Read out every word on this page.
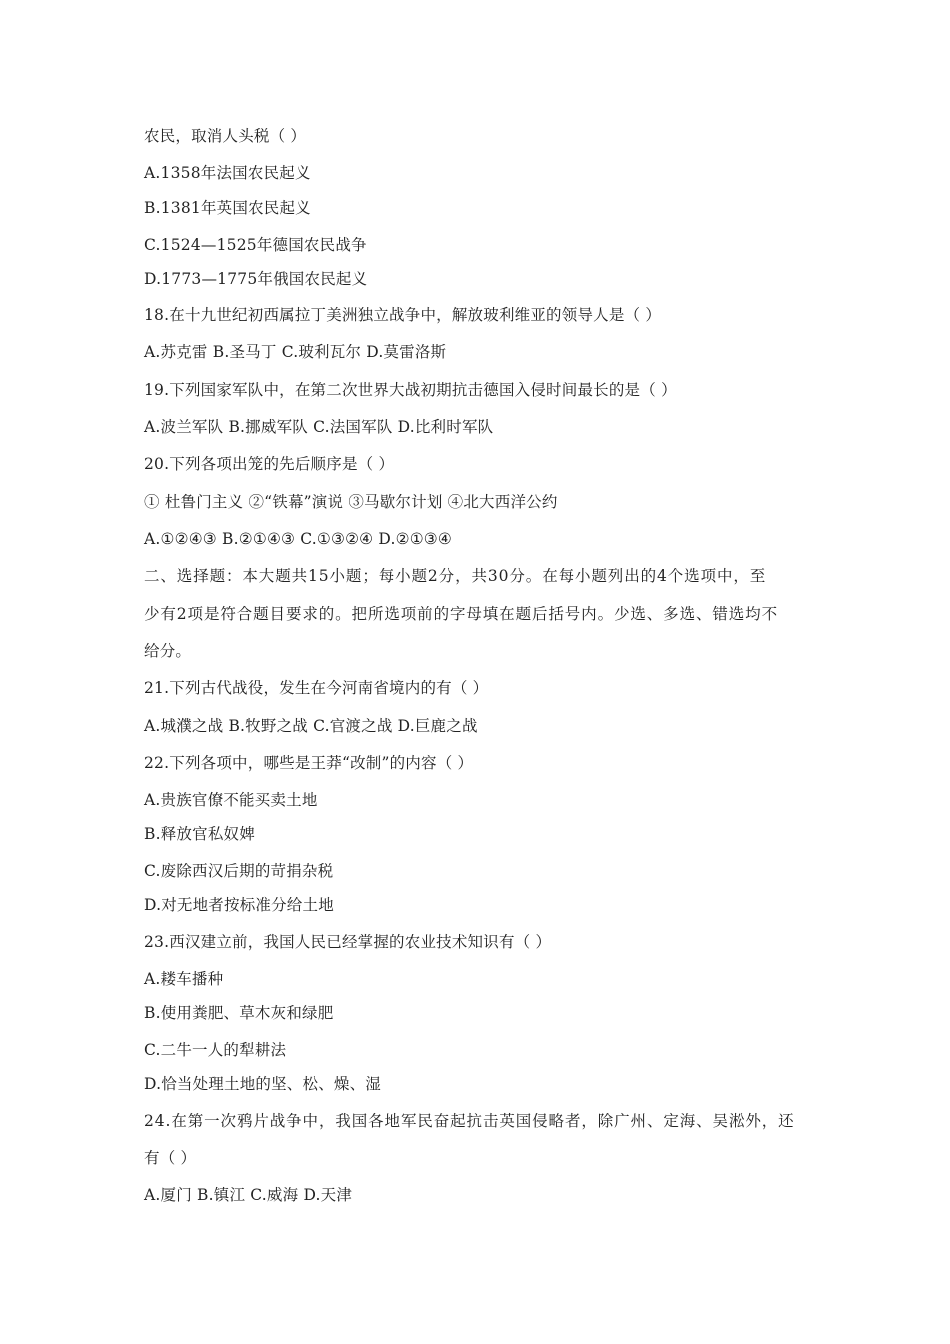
农民，取消人头税（ ）
A.1358年法国农民起义
B.1381年英国农民起义
C.1524—1525年德国农民战争
D.1773—1775年俄国农民起义
18.在十九世纪初西属拉丁美洲独立战争中，解放玻利维亚的领导人是（ ）
A.苏克雷 B.圣马丁 C.玻利瓦尔 D.莫雷洛斯
19.下列国家军队中，在第二次世界大战初期抗击德国入侵时间最长的是（ ）
A.波兰军队 B.挪威军队 C.法国军队 D.比利时军队
20.下列各项出笼的先后顺序是（ ）
① 杜鲁门主义 ②“铁幕”演说 ③马歇尔计划 ④北大西洋公约
A.①②④③ B.②①④③ C.①③②④ D.②①③④
二、选择题：本大题共15小题；每小题2分，共30分。在每小题列出的4个选项中，至
少有2项是符合题目要求的。把所选项前的字母填在题后括号内。少选、多选、错选均不
给分。
21.下列古代战役，发生在今河南省境内的有（ ）
A.城濮之战 B.牧野之战 C.官渡之战 D.巨鹿之战
22.下列各项中，哪些是王莽“改制”的内容（ ）
A.贵族官僚不能买卖土地
B.释放官私奴婢
C.废除西汉后期的苛捐杂税
D.对无地者按标准分给土地
23.西汉建立前，我国人民已经掌握的农业技术知识有（ ）
A.耧车播种
B.使用粪肥、草木灰和绿肥
C.二牛一人的犁耕法
D.恰当处理土地的坚、松、燥、湿
24.在第一次鸦片战争中，我国各地军民奋起抗击英国侵略者，除广州、定海、吴淞外，还
有（ ）
A.厦门 B.镇江 C.威海 D.天津
